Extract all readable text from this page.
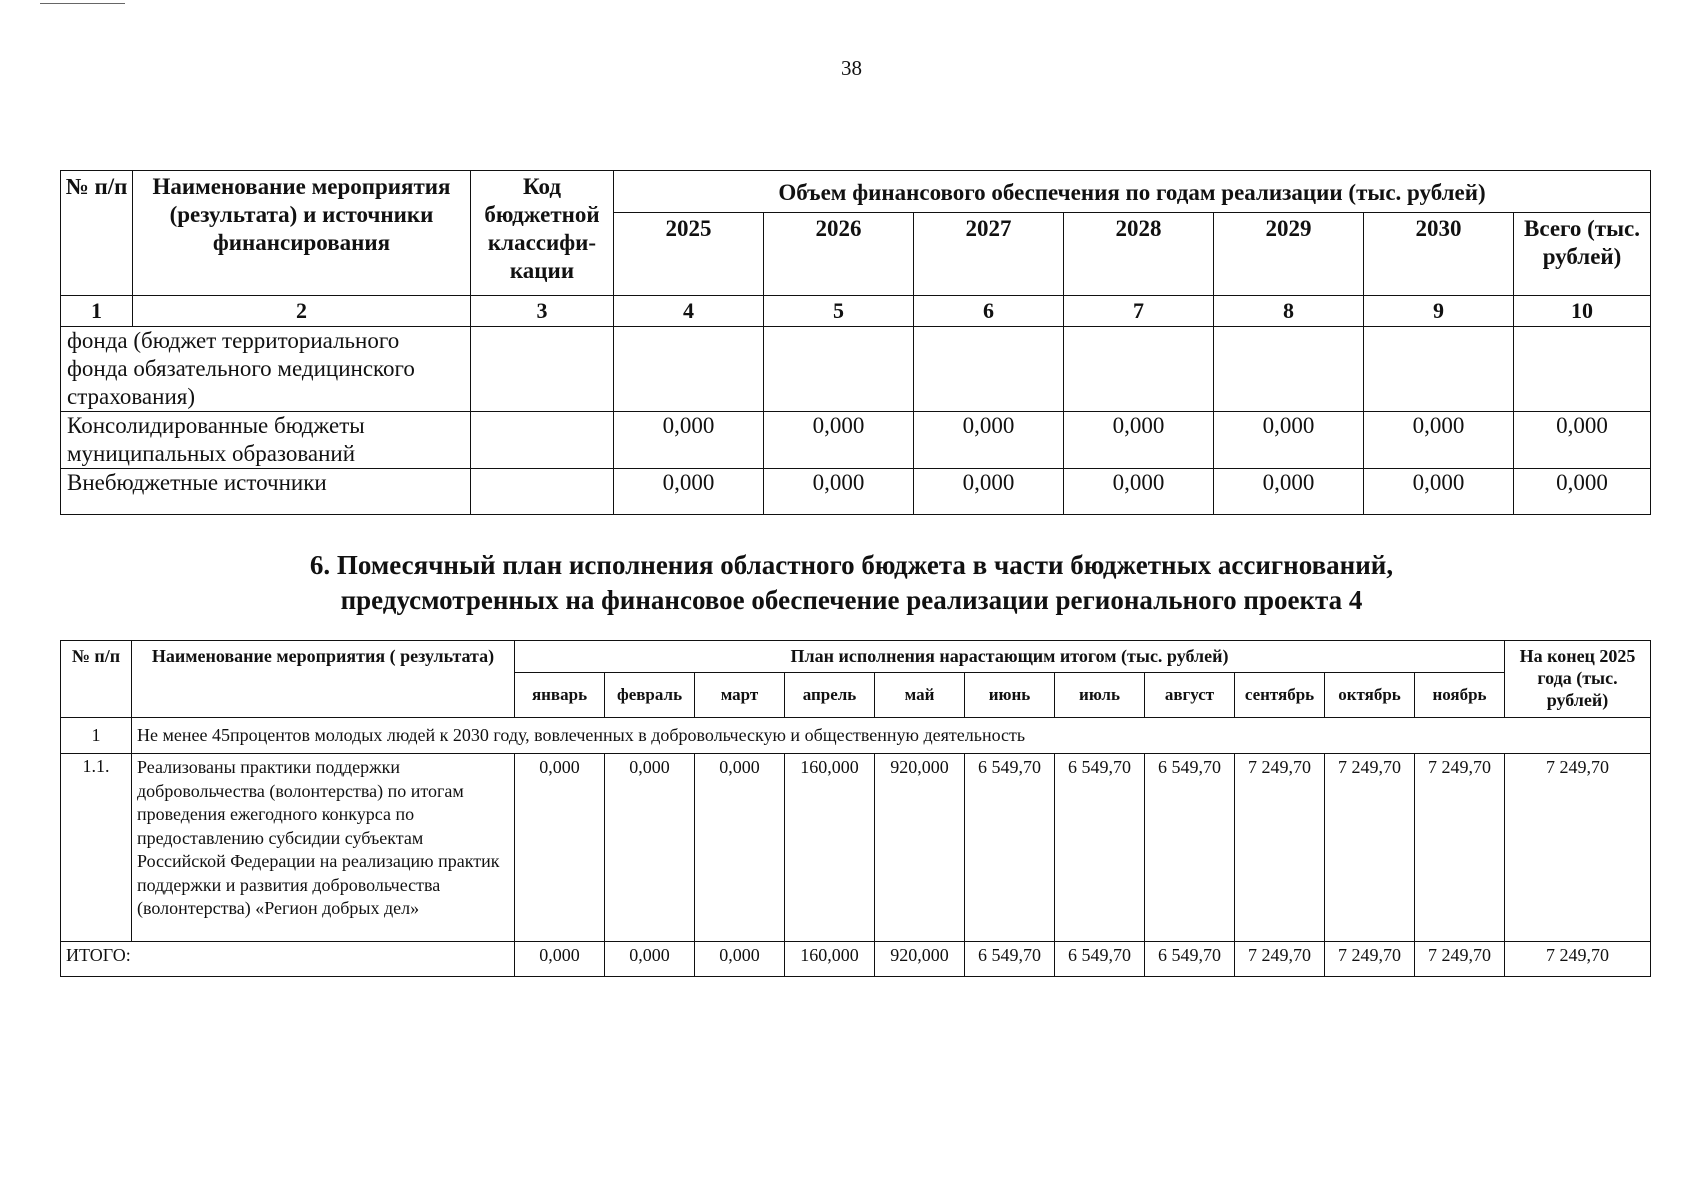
38
№ п/п	Наименование мероприятия (результата) и источники финансирования	Код бюджетной классифи-кации	Объем финансового обеспечения по годам реализации (тыс. рублей)						
			2025	2026	2027	2028	2029	2030	Всего (тыс. рублей)
1	2	3	4	5	6	7	8	9	10
фонда (бюджет территориального фонда обязательного медицинского страхования)									
Консолидированные бюджеты муниципальных образований			0,000	0,000	0,000	0,000	0,000	0,000	0,000
Внебюджетные источники			0,000	0,000	0,000	0,000	0,000	0,000	0,000
6. Помесячный план исполнения областного бюджета в части бюджетных ассигнований,
предусмотренных на финансовое обеспечение реализации регионального проекта 4
№ п/п	Наименование мероприятия ( результата)	План исполнения нарастающим итогом (тыс. рублей)											На конец 2025 года (тыс. рублей)
		январь	февраль	март	апрель	май	июнь	июль	август	сентябрь	октябрь	ноябрь	
1	Не менее 45процентов молодых людей к 2030 году, вовлеченных в добровольческую и общественную деятельность												
1.1.	Реализованы практики поддержки добровольчества (волонтерства) по итогам проведения ежегодного конкурса по предоставлению субсидии субъектам Российской Федерации на реализацию практик поддержки и развития добровольчества (волонтерства) «Регион добрых дел»	0,000	0,000	0,000	160,000	920,000	6 549,70	6 549,70	6 549,70	7 249,70	7 249,70	7 249,70	7 249,70
ИТОГО:		0,000	0,000	0,000	160,000	920,000	6 549,70	6 549,70	6 549,70	7 249,70	7 249,70	7 249,70	7 249,70
